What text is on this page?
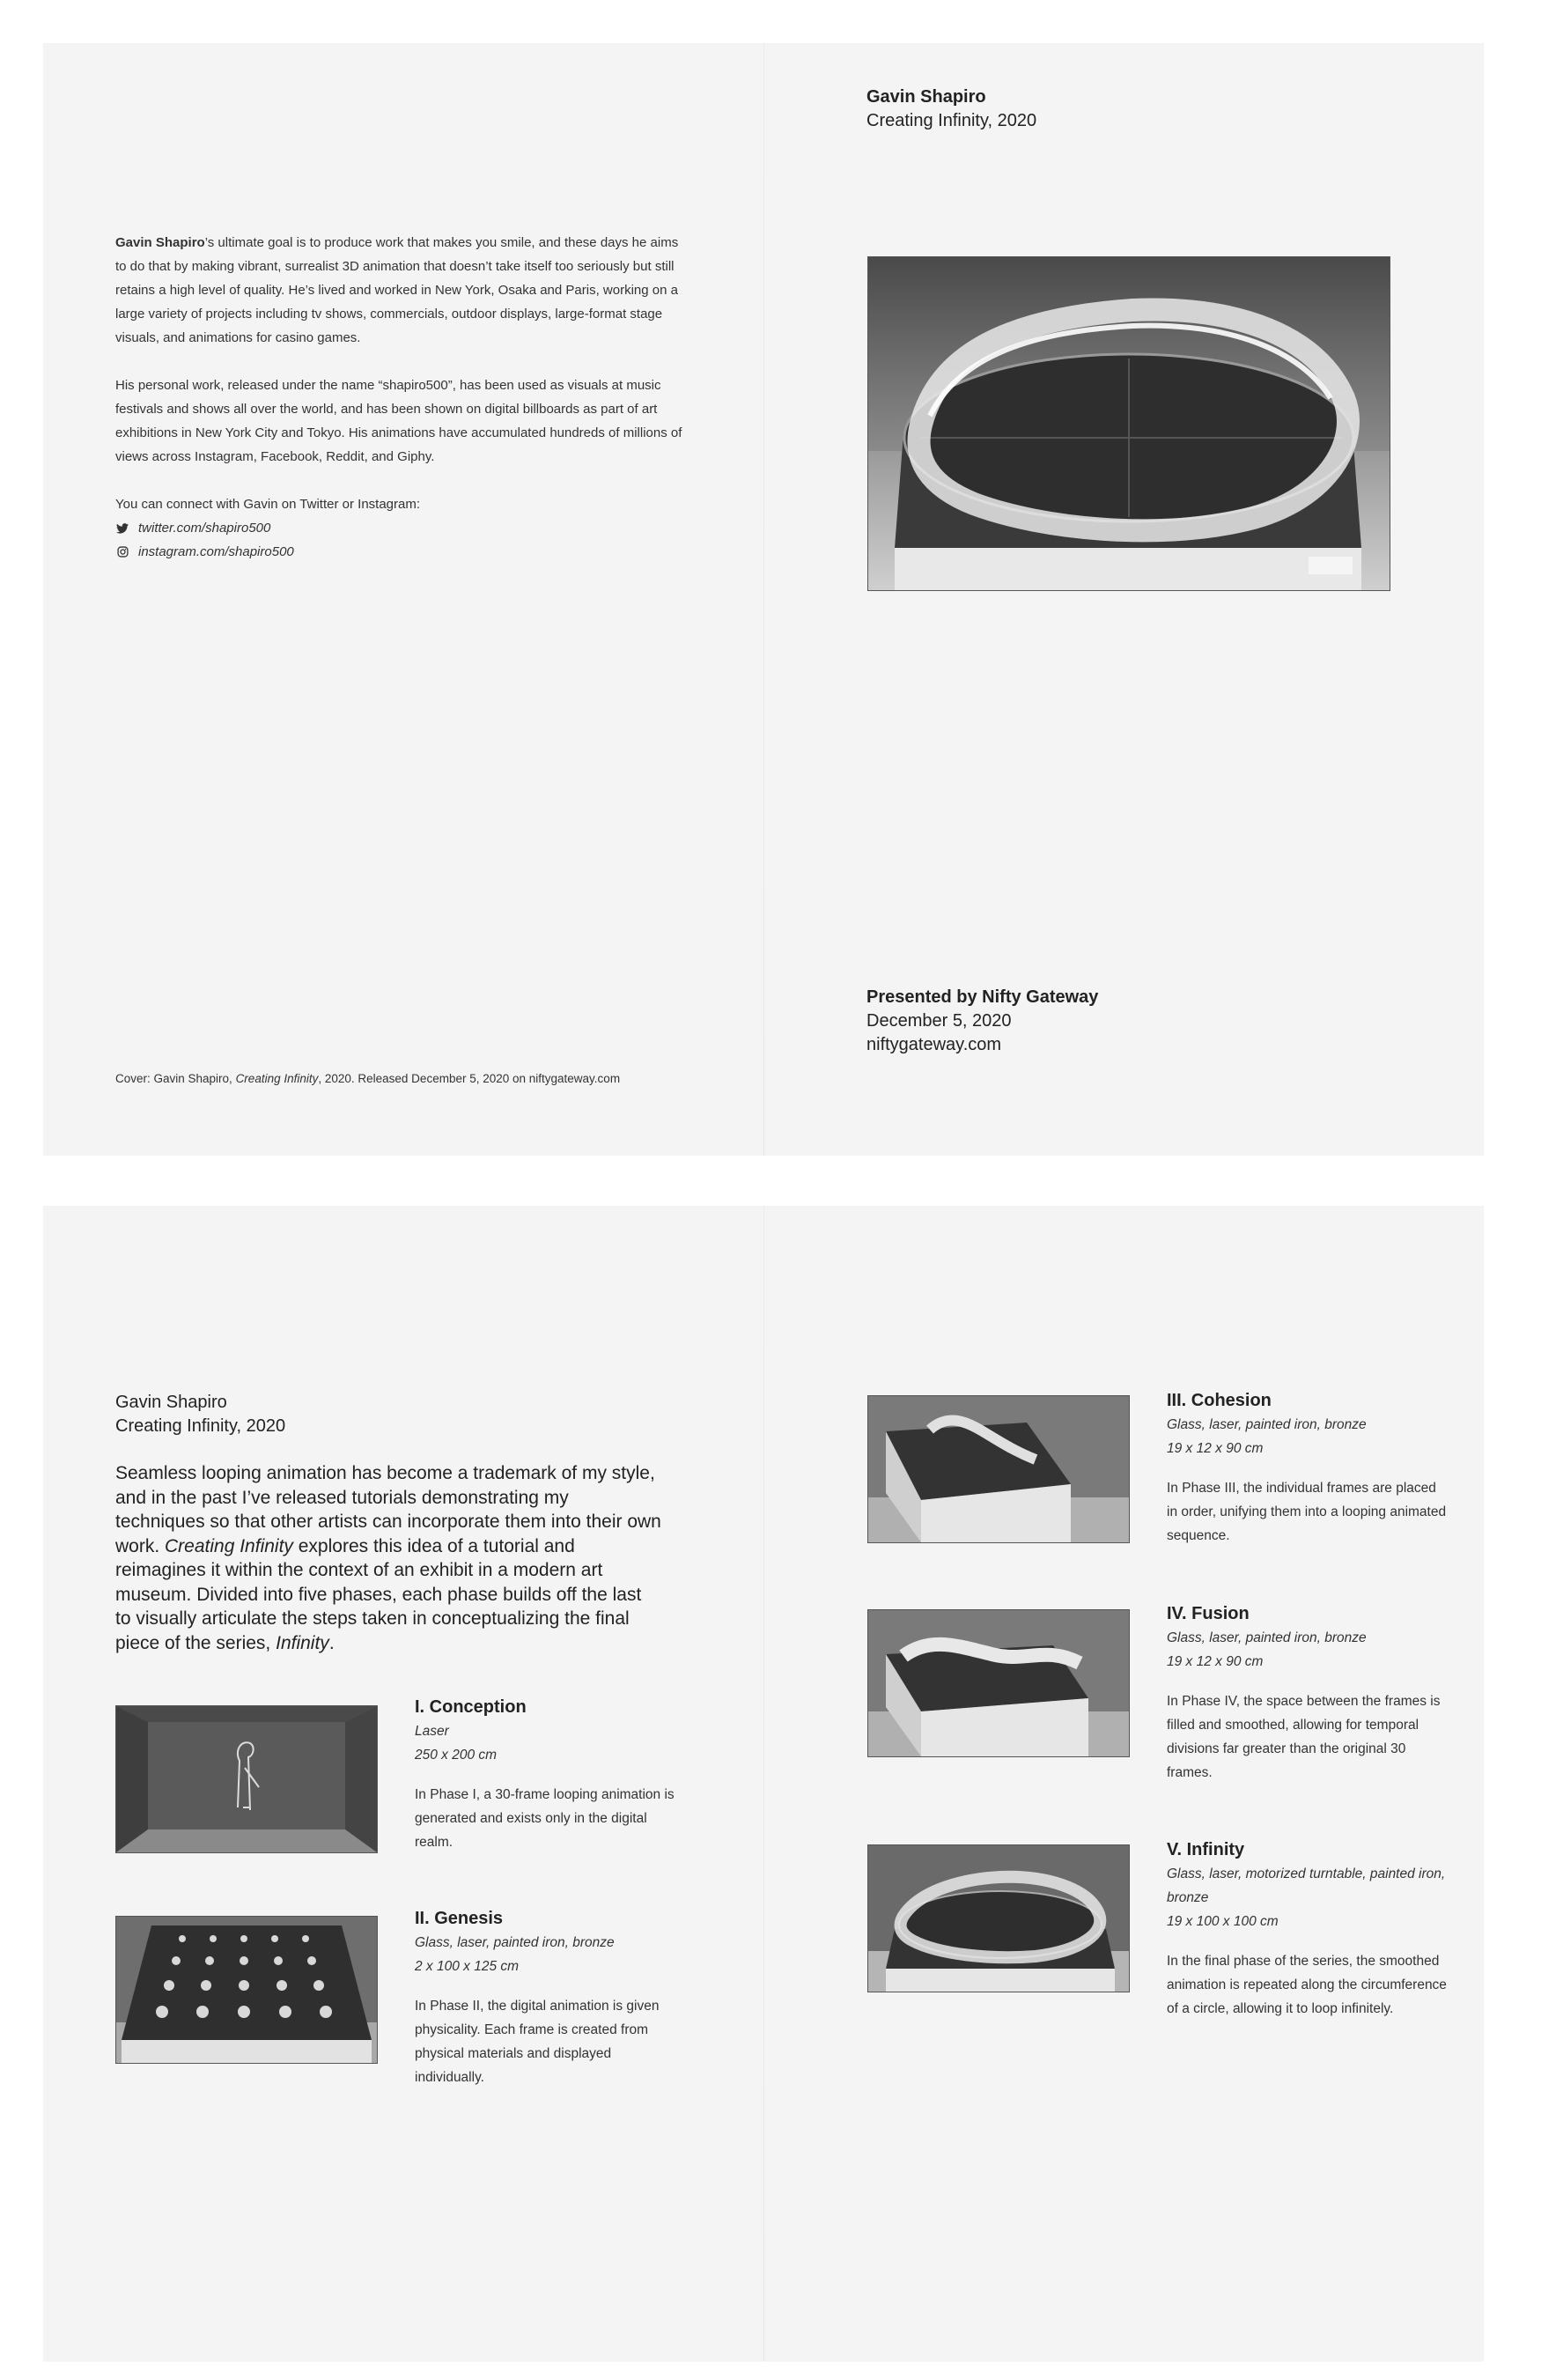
Gavin Shapiro’s ultimate goal is to produce work that makes you smile, and these days he aims to do that by making vibrant, surrealist 3D animation that doesn’t take itself too seriously but still retains a high level of quality. He’s lived and worked in New York, Osaka and Paris, working on a large variety of projects including tv shows, commercials, outdoor displays, large-format stage visuals, and animations for casino games.

His personal work, released under the name “shapiro500”, has been used as visuals at music festivals and shows all over the world, and has been shown on digital billboards as part of art exhibitions in New York City and Tokyo. His animations have accumulated hundreds of millions of views across Instagram, Facebook, Reddit, and Giphy.

You can connect with Gavin on Twitter or Instagram:

twitter.com/shapiro500
instagram.com/shapiro500
Cover: Gavin Shapiro, Creating Infinity, 2020. Released December 5, 2020 on niftygateway.com
Gavin Shapiro
Creating Infinity, 2020
Presented by Nifty Gateway
December 5, 2020
niftygateway.com
Gavin Shapiro
Creating Infinity, 2020
Seamless looping animation has become a trademark of my style, and in the past I’ve released tutorials demonstrating my techniques so that other artists can incorporate them into their own work. Creating Infinity explores this idea of a tutorial and reimagines it within the context of an exhibit in a modern art museum. Divided into five phases, each phase builds off the last to visually articulate the steps taken in conceptualizing the final piece of the series, Infinity.
I. Conception
Laser
250 x 200 cm
In Phase I, a 30-frame looping animation is generated and exists only in the digital realm.
II. Genesis
Glass, laser, painted iron, bronze
2 x 100 x 125 cm
In Phase II, the digital animation is given physicality. Each frame is created from physical materials and displayed individually.
III. Cohesion
Glass, laser, painted iron, bronze
19 x 12 x 90 cm
In Phase III, the individual frames are placed in order, unifying them into a looping animated sequence.
IV. Fusion
Glass, laser, painted iron, bronze
19 x 12 x 90 cm
In Phase IV, the space between the frames is filled and smoothed, allowing for temporal divisions far greater than the original 30 frames.
V. Infinity
Glass, laser, motorized turntable, painted iron, bronze
19 x 100 x 100 cm
In the final phase of the series, the smoothed animation is repeated along the circumference of a circle, allowing it to loop infinitely.
